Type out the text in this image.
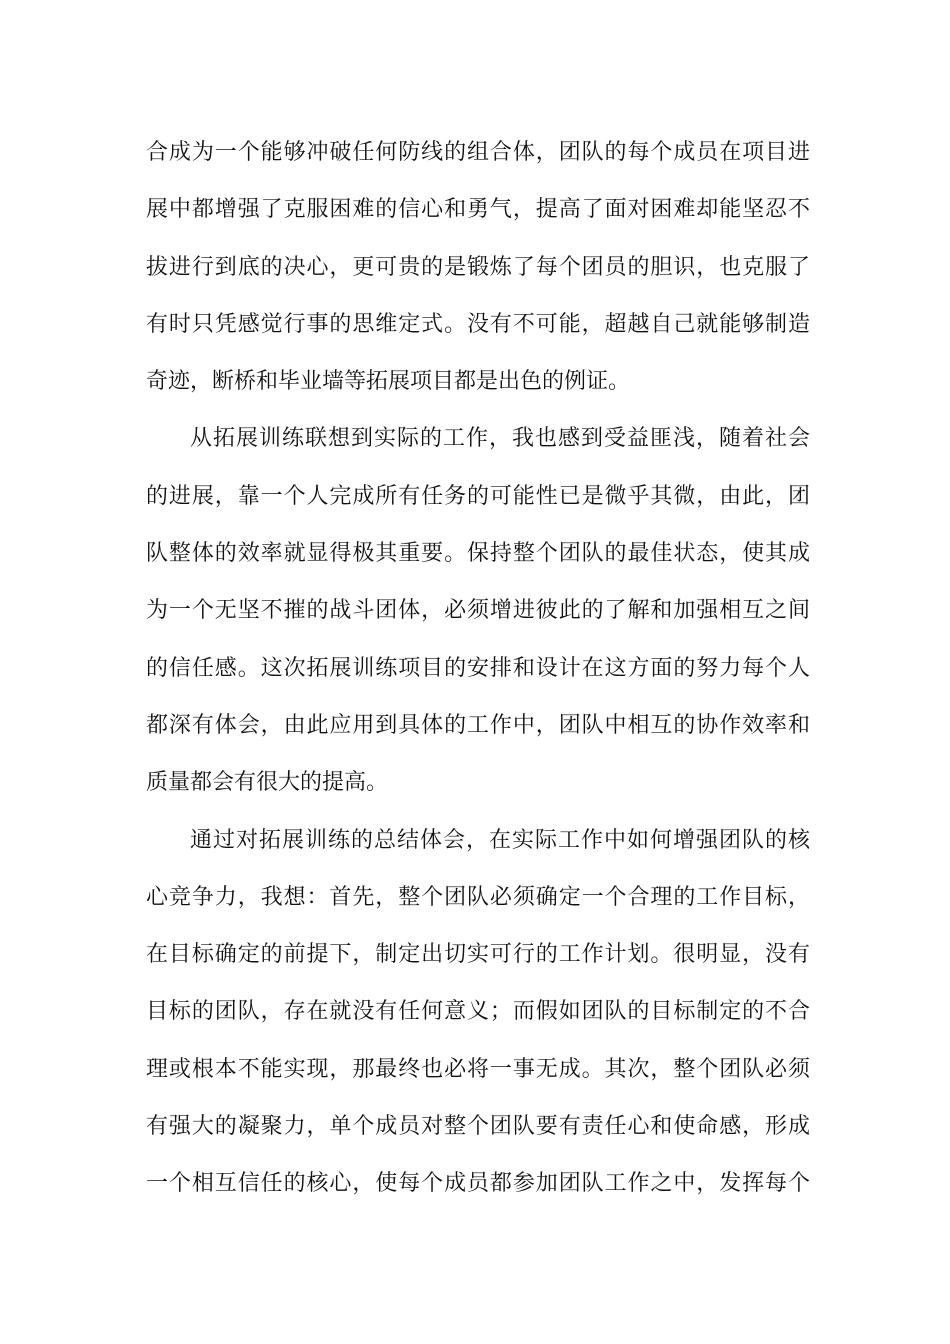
合成为一个能够冲破任何防线的组合体，团队的每个成员在项目进
展中都增强了克服困难的信心和勇气，提高了面对困难却能坚忍不
拔进行到底的决心，更可贵的是锻炼了每个团员的胆识，也克服了
有时只凭感觉行事的思维定式。没有不可能，超越自己就能够制造
奇迹，断桥和毕业墙等拓展项目都是出色的例证。
从拓展训练联想到实际的工作，我也感到受益匪浅，随着社会
的进展，靠一个人完成所有任务的可能性已是微乎其微，由此，团
队整体的效率就显得极其重要。保持整个团队的最佳状态，使其成
为一个无坚不摧的战斗团体，必须增进彼此的了解和加强相互之间
的信任感。这次拓展训练项目的安排和设计在这方面的努力每个人
都深有体会，由此应用到具体的工作中，团队中相互的协作效率和
质量都会有很大的提高。
通过对拓展训练的总结体会，在实际工作中如何增强团队的核
心竞争力，我想：首先，整个团队必须确定一个合理的工作目标，
在目标确定的前提下，制定出切实可行的工作计划。很明显，没有
目标的团队，存在就没有任何意义；而假如团队的目标制定的不合
理或根本不能实现，那最终也必将一事无成。其次，整个团队必须
有强大的凝聚力，单个成员对整个团队要有责任心和使命感，形成
一个相互信任的核心，使每个成员都参加团队工作之中，发挥每个
